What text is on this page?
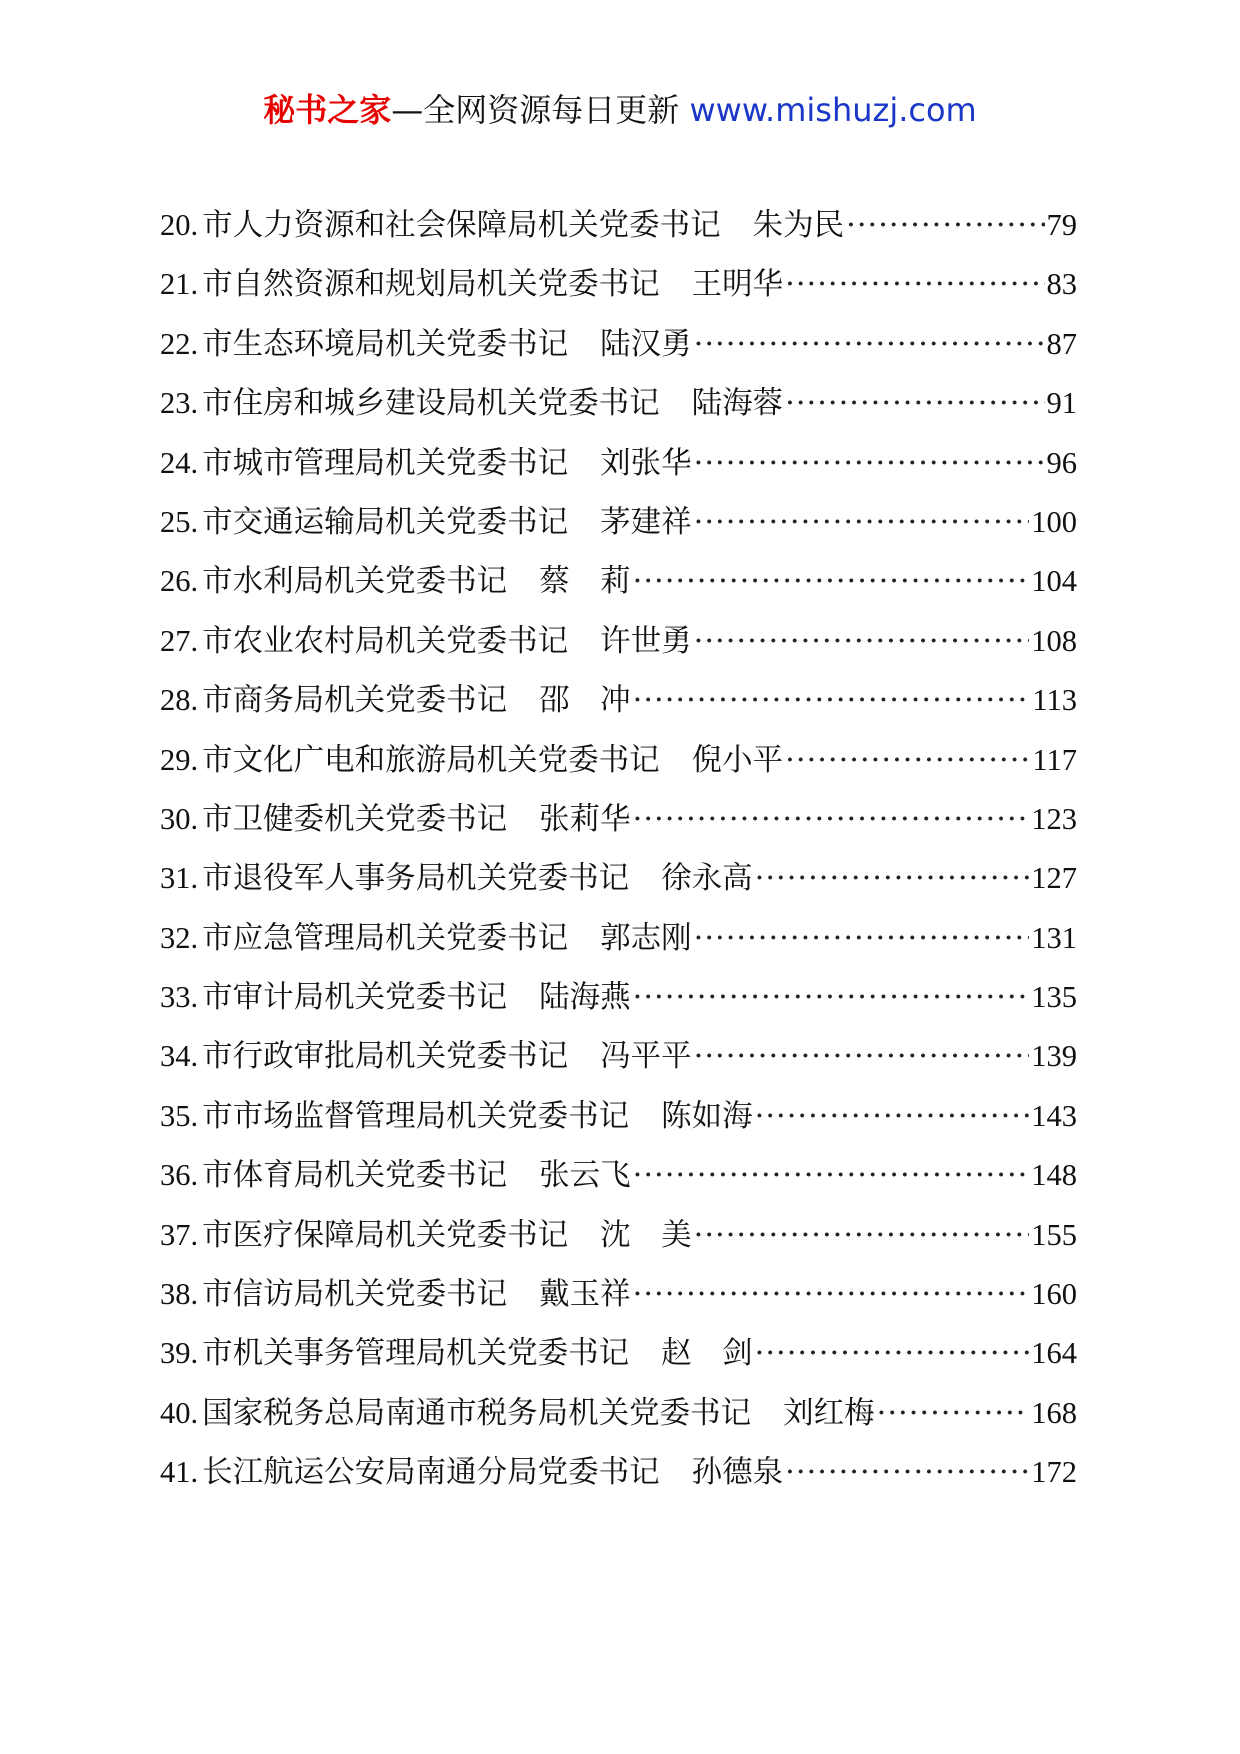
秘书之家—全网资源每日更新 www.mishuzj.com
20. 市人力资源和社会保障局机关党委书记 朱为民 ·····	79
21. 市自然资源和规划局机关党委书记 王明华 ·····	83
22. 市生态环境局机关党委书记 陆汉勇 ·····	87
23. 市住房和城乡建设局机关党委书记 陆海蓉 ·····	91
24. 市城市管理局机关党委书记 刘张华 ·····	96
25. 市交通运输局机关党委书记 茅建祥 ·····	100
26. 市水利局机关党委书记 蔡　莉 ·····	104
27. 市农业农村局机关党委书记 许世勇 ·····	108
28. 市商务局机关党委书记 邵　冲 ·····	113
29. 市文化广电和旅游局机关党委书记 倪小平 ·····	117
30. 市卫健委机关党委书记 张莉华 ·····	123
31. 市退役军人事务局机关党委书记 徐永高 ·····	127
32. 市应急管理局机关党委书记 郭志刚 ·····	131
33. 市审计局机关党委书记 陆海燕 ·····	135
34. 市行政审批局机关党委书记 冯平平 ·····	139
35. 市市场监督管理局机关党委书记 陈如海 ·····	143
36. 市体育局机关党委书记 张云飞 ·····	148
37. 市医疗保障局机关党委书记 沈　美 ·····	155
38. 市信访局机关党委书记 戴玉祥 ·····	160
39. 市机关事务管理局机关党委书记 赵　剑 ·····	164
40. 国家税务总局南通市税务局机关党委书记 刘红梅 ·····	168
41. 长江航运公安局南通分局党委书记 孙德泉 ·····	172
